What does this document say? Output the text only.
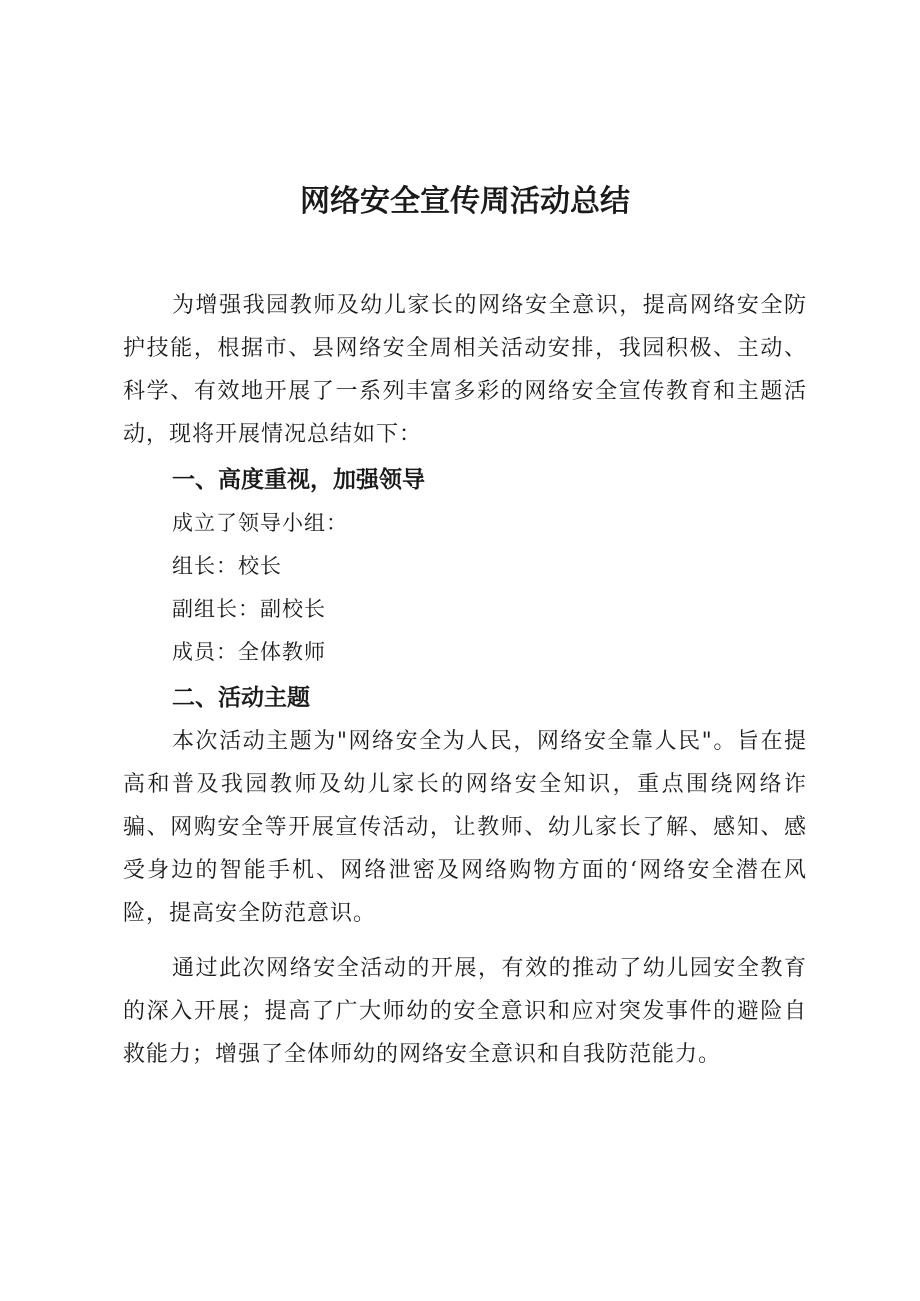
网络安全宣传周活动总结

为增强我园教师及幼儿家长的网络安全意识，提高网络安全防护技能，根据市、县网络安全周相关活动安排，我园积极、主动、科学、有效地开展了一系列丰富多彩的网络安全宣传教育和主题活动，现将开展情况总结如下：

一、高度重视，加强领导

成立了领导小组：

组长：校长

副组长：副校长

成员：全体教师

二、活动主题

本次活动主题为"网络安全为人民，网络安全靠人民"。旨在提高和普及我园教师及幼儿家长的网络安全知识，重点围绕网络诈骗、网购安全等开展宣传活动，让教师、幼儿家长了解、感知、感受身边的智能手机、网络泄密及网络购物方面的‘网络安全潜在风险，提高安全防范意识。

通过此次网络安全活动的开展，有效的推动了幼儿园安全教育的深入开展；提高了广大师幼的安全意识和应对突发事件的避险自救能力；增强了全体师幼的网络安全意识和自我防范能力。
